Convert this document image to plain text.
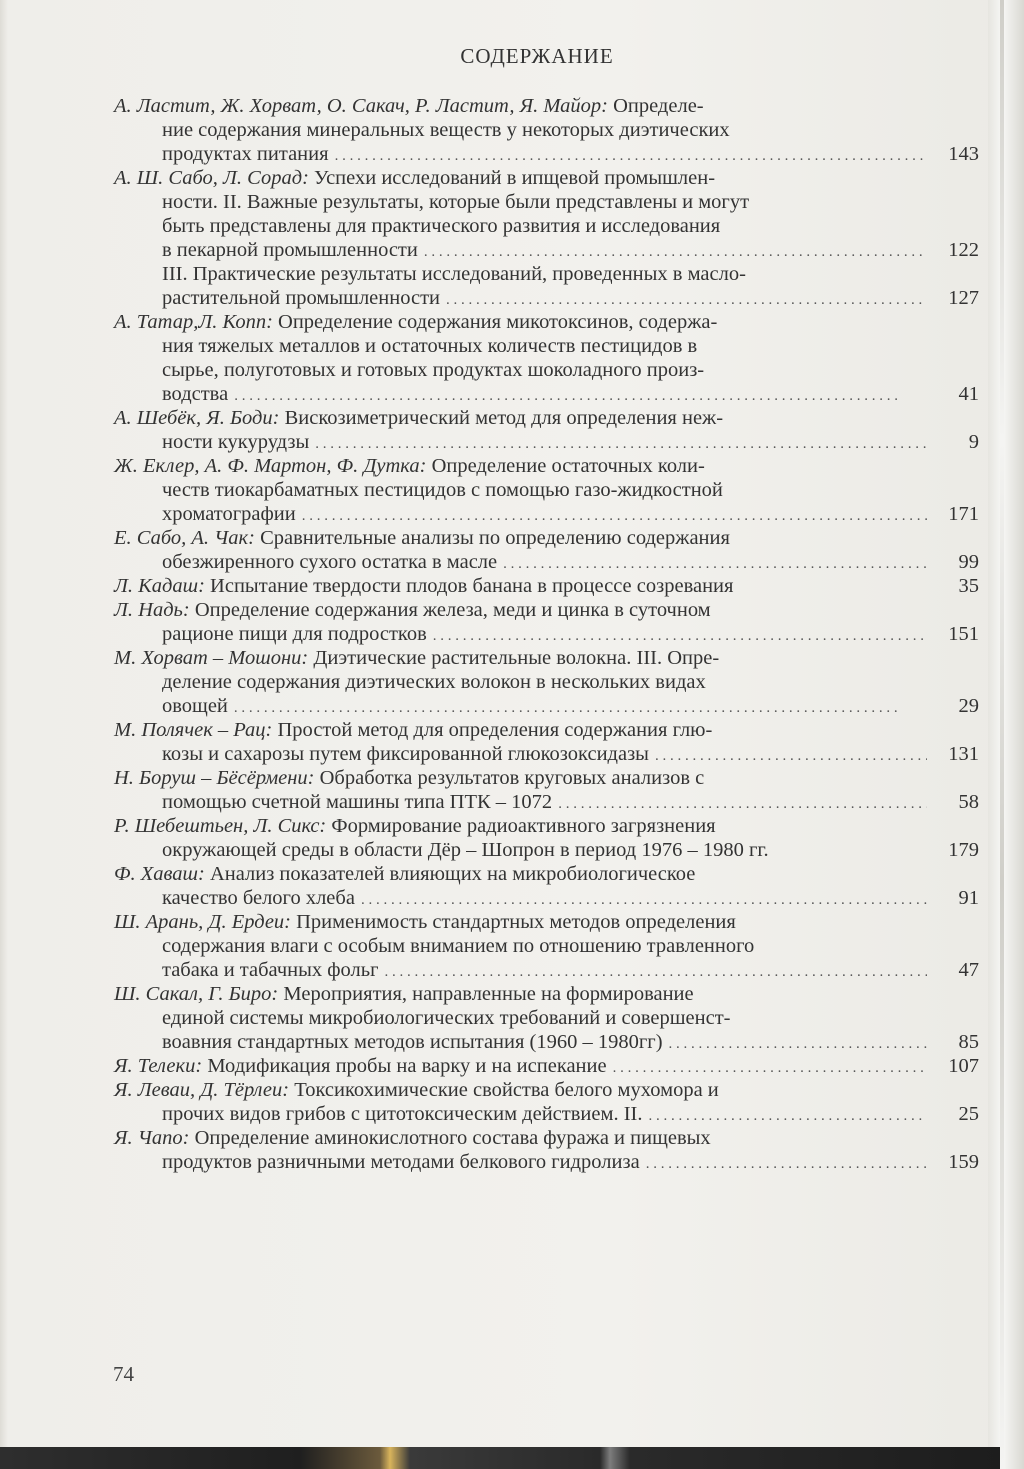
СОДЕРЖАНИЕ
А. Ластит, Ж. Хорват, О. Сакач, Р. Ластит, Я. Майор: Определе-
ние содержания минеральных веществ у некоторых диэтических
продуктах питания . . .	143
А. Ш. Сабо, Л. Сорад: Успехи исследований в ипщевой промышлен-
ности. II. Важные результаты, которые были представлены и могут
быть представлены для практического развития и исследования
в пекарной промышленности . . .	122
III. Практические результаты исследований, проведенных в масло-
растительной промышленности . . .	127
А. Татар,Л. Копп: Определение содержания микотоксинов, содержа-
ния тяжелых металлов и остаточных количеств пестицидов в
сырье, полуготовых и готовых продуктах шоколадного произ-
водства . . .	41
А. Шебёк, Я. Боди: Вискозиметрический метод для определения неж-
ности кукурудзы . . .	9
Ж. Еклер, А. Ф. Мартон, Ф. Дутка: Определение остаточных коли-
честв тиокарбаматных пестицидов с помощью газо-жидкостной
хроматографии . . .	171
Е. Сабо, А. Чак: Сравнительные анализы по определению содержания
обезжиренного сухого остатка в масле . . .	99
Л. Кадаш: Испытание твердости плодов банана в процессе созревания	35
Л. Надь: Определение содержания железа, меди и цинка в суточном
рационе пищи для подростков . . .	151
М. Хорват – Мошони: Диэтические растительные волокна. III. Опре-
деление содержания диэтических волокон в нескольких видах
овощей . . .	29
М. Полячек – Рац: Простой метод для определения содержания глю-
козы и сахарозы путем фиксированной глюкозоксидазы . . .	131
Н. Боруш – Бёсёрмени: Обработка результатов круговых анализов с
помощью счетной машины типа ПТК – 1072 . . .	58
Р. Шебештьен, Л. Сикс: Формирование радиоактивного загрязнения
окружающей среды в области Дёр – Шопрон в период 1976 – 1980 гг.	179
Ф. Хаваш: Анализ показателей влияющих на микробиологическое
качество белого хлеба . . .	91
Ш. Арань, Д. Ердеи: Применимость стандартных методов определения
содержания влаги с особым вниманием по отношению травленного
табака и табачных фольг . . .	47
Ш. Сакал, Г. Биро: Мероприятия, направленные на формирование
единой системы микробиологических требований и совершенст-
воавния стандартных методов испытания (1960 – 1980гг) . . .	85
Я. Телеки: Модификация пробы на варку и на испекание . . .	107
Я. Леваи, Д. Тёрлеи: Токсикохимические свойства белого мухомора и
прочих видов грибов с цитотоксическим действием. II. . . .	25
Я. Чапо: Определение аминокислотного состава фуража и пищевых
продуктов разничными методами белкового гидролиза . . .	159
74
